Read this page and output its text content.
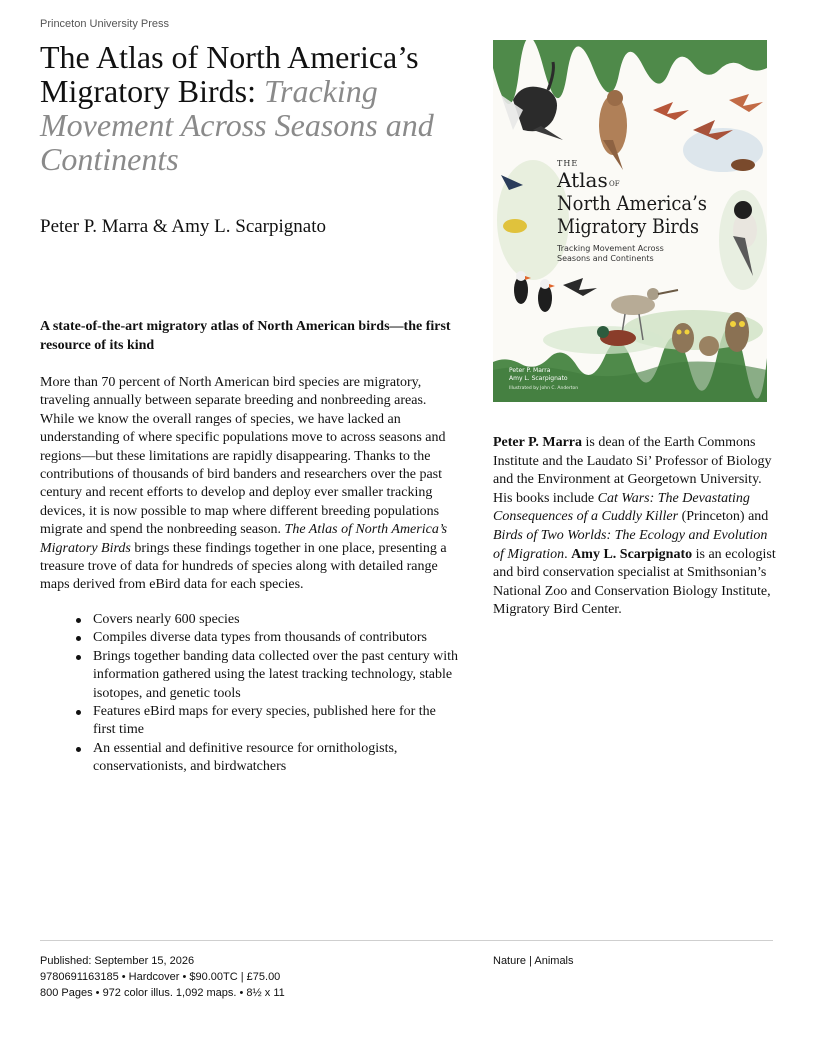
Princeton University Press
The Atlas of North America’s Migratory Birds: Tracking Movement Across Seasons and Continents
Peter P. Marra & Amy L. Scarpignato
A state-of-the-art migratory atlas of North American birds—the first resource of its kind
More than 70 percent of North American bird species are migratory, traveling annually between separate breeding and nonbreeding areas. While we know the overall ranges of species, we have lacked an understanding of where specific populations move to across seasons and regions—but these limitations are rapidly disappearing. Thanks to the contributions of thousands of bird banders and researchers over the past century and recent efforts to develop and deploy ever smaller tracking devices, it is now possible to map where different breeding populations migrate and spend the nonbreeding season. The Atlas of North America’s Migratory Birds brings these findings together in one place, presenting a treasure trove of data for hundreds of species along with detailed range maps derived from eBird data for each species.
Covers nearly 600 species
Compiles diverse data types from thousands of contributors
Brings together banding data collected over the past century with information gathered using the latest tracking technology, stable isotopes, and genetic tools
Features eBird maps for every species, published here for the first time
An essential and definitive resource for ornithologists, conservationists, and birdwatchers
THE
Atlas OF
North America’s
Migratory Birds
Tracking Movement Across
Seasons and Continents
Peter P. Marra
Amy L. Scarpignato
Illustrated by John C. Anderton
Peter P. Marra is dean of the Earth Commons Institute and the Laudato Si’ Professor of Biology and the Environment at Georgetown University. His books include Cat Wars: The Devastating Consequences of a Cuddly Killer (Princeton) and Birds of Two Worlds: The Ecology and Evolution of Migration. Amy L. Scarpignato is an ecologist and bird conservation specialist at Smithsonian’s National Zoo and Conservation Biology Institute, Migratory Bird Center.
Published: September 15, 2026
9780691163185 • Hardcover • $90.00TC | £75.00
800 Pages • 972 color illus. 1,092 maps. • 8½ x 11
Nature | Animals
